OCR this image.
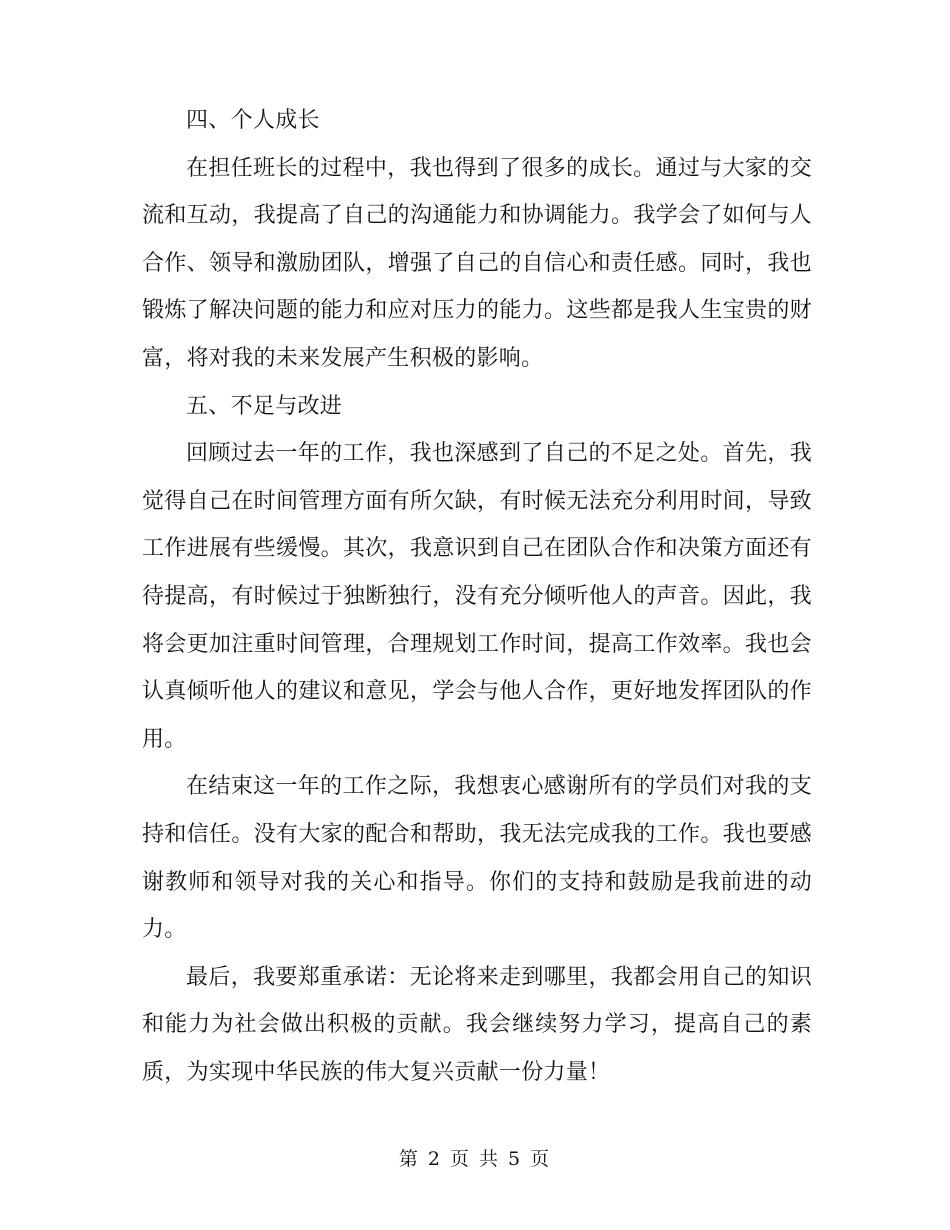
四、个人成长

在担任班长的过程中，我也得到了很多的成长。通过与大家的交流和互动，我提高了自己的沟通能力和协调能力。我学会了如何与人合作、领导和激励团队，增强了自己的自信心和责任感。同时，我也锻炼了解决问题的能力和应对压力的能力。这些都是我人生宝贵的财富，将对我的未来发展产生积极的影响。

五、不足与改进

回顾过去一年的工作，我也深感到了自己的不足之处。首先，我觉得自己在时间管理方面有所欠缺，有时候无法充分利用时间，导致工作进展有些缓慢。其次，我意识到自己在团队合作和决策方面还有待提高，有时候过于独断独行，没有充分倾听他人的声音。因此，我将会更加注重时间管理，合理规划工作时间，提高工作效率。我也会认真倾听他人的建议和意见，学会与他人合作，更好地发挥团队的作用。

在结束这一年的工作之际，我想衷心感谢所有的学员们对我的支持和信任。没有大家的配合和帮助，我无法完成我的工作。我也要感谢教师和领导对我的关心和指导。你们的支持和鼓励是我前进的动力。

最后，我要郑重承诺：无论将来走到哪里，我都会用自己的知识和能力为社会做出积极的贡献。我会继续努力学习，提高自己的素质，为实现中华民族的伟大复兴贡献一份力量！

第 2 页 共 5 页
